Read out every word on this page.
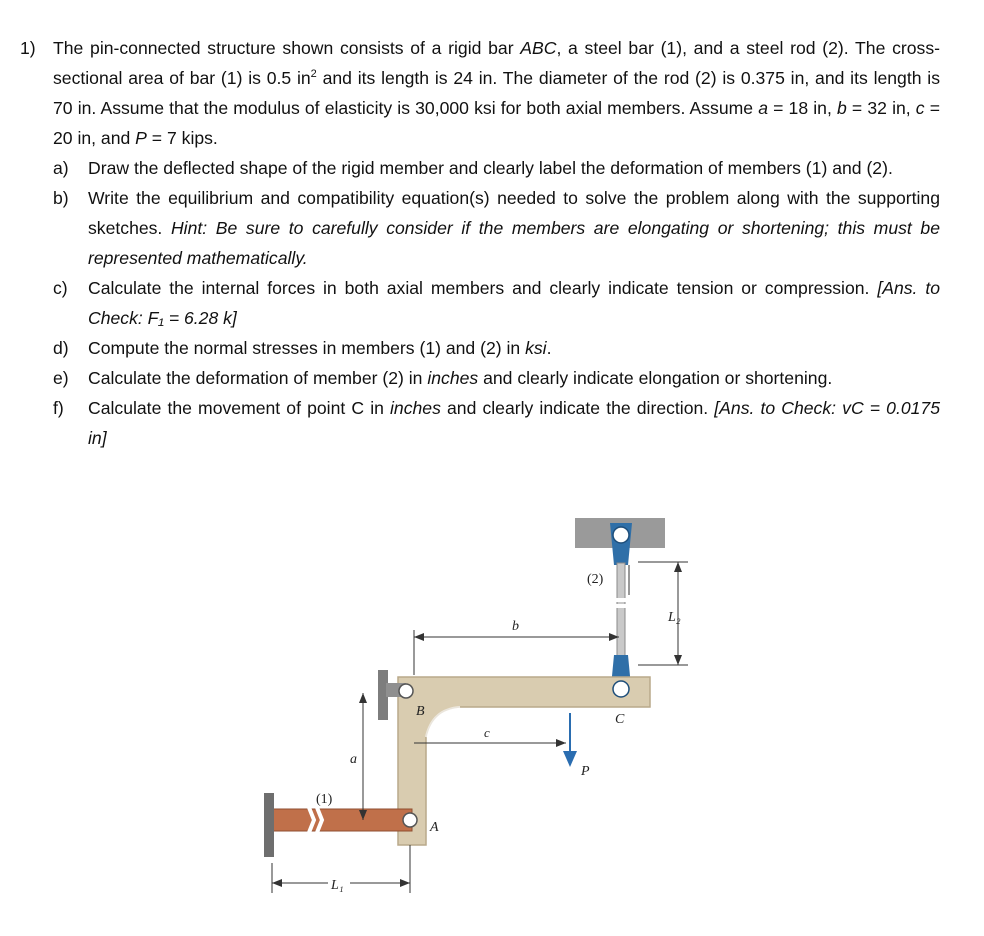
1) The pin-connected structure shown consists of a rigid bar ABC, a steel bar (1), and a steel rod (2). The cross-sectional area of bar (1) is 0.5 $in^2$ and its length is 24 in. The diameter of the rod (2) is 0.375 in, and its length is 70 in. Assume that the modulus of elasticity is 30,000 ksi for both axial members. Assume a = 18 in, b = 32 in, c = 20 in, and P = 7 kips.
a)	Draw the deflected shape of the rigid member and clearly label the deformation of members (1) and (2).
b)	Write the equilibrium and compatibility equation(s) needed to solve the problem along with the supporting sketches. Hint: Be sure to carefully consider if the members are elongating or shortening; this must be represented mathematically.
c)	Calculate the internal forces in both axial members and clearly indicate tension or compression. [Ans. to Check: F₁ = 6.28 k]
d)	Compute the normal stresses in members (1) and (2) in ksi.
e)	Calculate the deformation of member (2) in inches and clearly indicate elongation or shortening.
f)	Calculate the movement of point C in inches and clearly indicate the direction. [Ans. to Check: vC = 0.0175 in]
L₂
(2)
b
a
c
P
B
C
A
(1)
L₁
